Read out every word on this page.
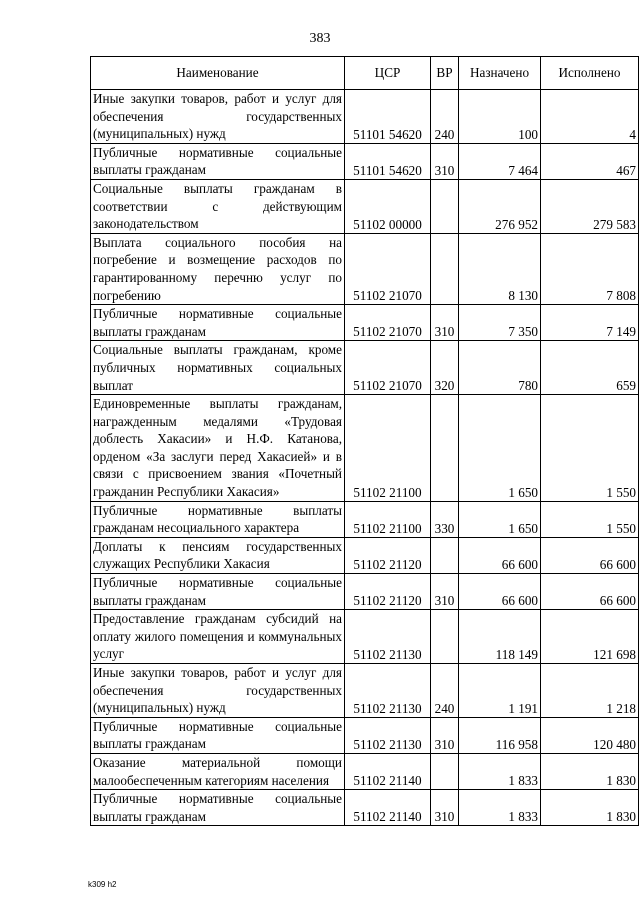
383
Наименование	ЦСР	ВР	Назначено	Исполнено
Иные закупки товаров, работ и услуг для обеспечения государственных (муниципальных) нужд	51101 54620	240	100	4
Публичные нормативные социальные выплаты гражданам	51101 54620	310	7 464	467
Социальные выплаты гражданам в соответствии с действующим законодательством	51102 00000		276 952	279 583
Выплата социального пособия на погребение и возмещение расходов по гарантированному перечню услуг по погребению	51102 21070		8 130	7 808
Публичные нормативные социальные выплаты гражданам	51102 21070	310	7 350	7 149
Социальные выплаты гражданам, кроме публичных нормативных социальных выплат	51102 21070	320	780	659
Единовременные выплаты гражданам, награжденным медалями «Трудовая доблесть Хакасии» и Н.Ф. Катанова, орденом «За заслуги перед Хакасией» и в связи с присвоением звания «Почетный гражданин Республики Хакасия»	51102 21100		1 650	1 550
Публичные нормативные выплаты гражданам несоциального характера	51102 21100	330	1 650	1 550
Доплаты к пенсиям государственных служащих Республики Хакасия	51102 21120		66 600	66 600
Публичные нормативные социальные выплаты гражданам	51102 21120	310	66 600	66 600
Предоставление гражданам субсидий на оплату жилого помещения и коммунальных услуг	51102 21130		118 149	121 698
Иные закупки товаров, работ и услуг для обеспечения государственных (муниципальных) нужд	51102 21130	240	1 191	1 218
Публичные нормативные социальные выплаты гражданам	51102 21130	310	116 958	120 480
Оказание материальной помощи малообеспеченным категориям населения	51102 21140		1 833	1 830
Публичные нормативные социальные выплаты гражданам	51102 21140	310	1 833	1 830
k309 h2
